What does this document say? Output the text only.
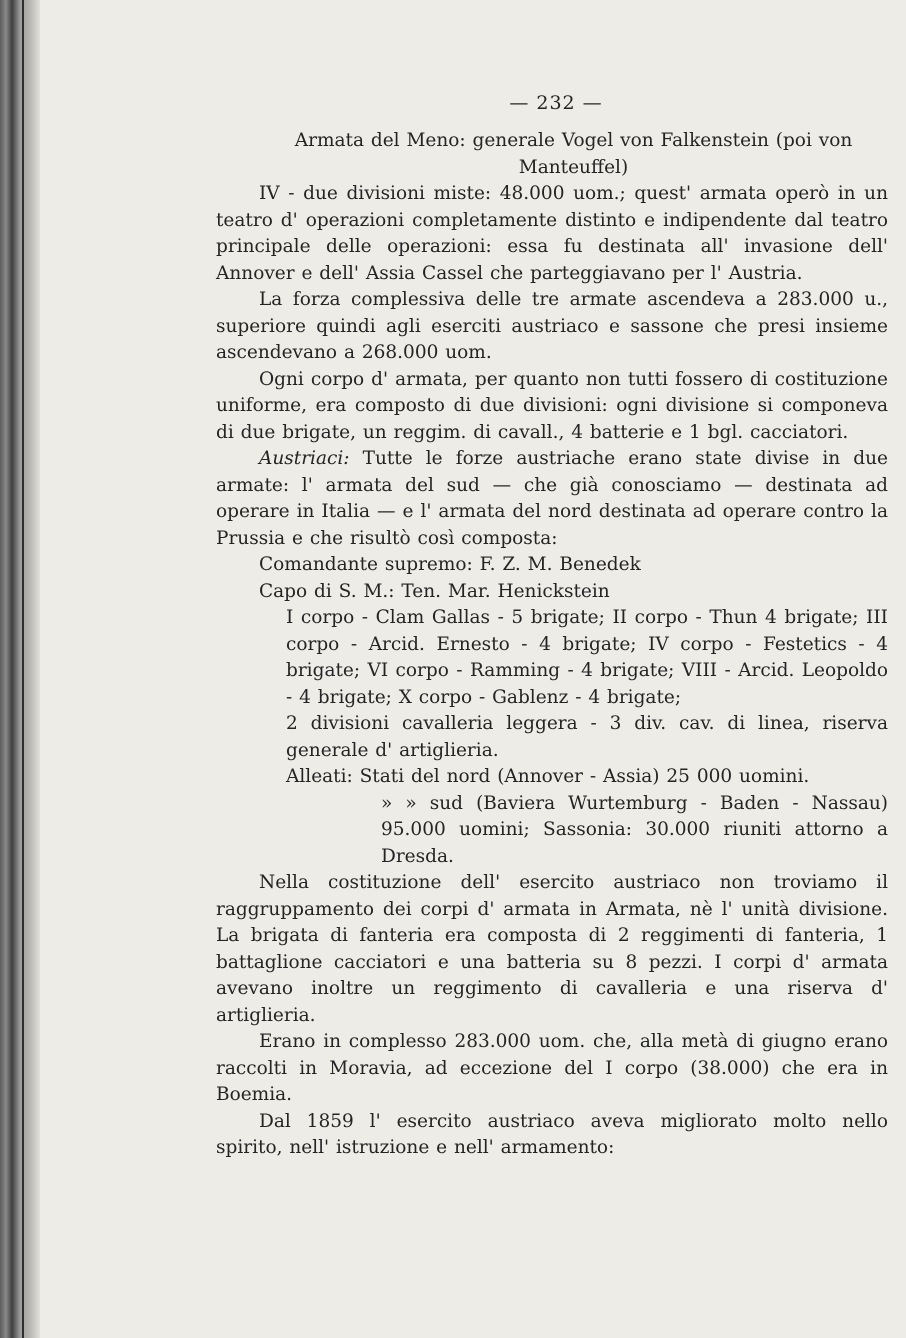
— 232 —

Armata del Meno: generale Vogel von Falkenstein (poi von Manteuffel)

IV - due divisioni miste: 48.000 uom.; quest' armata operò in un teatro d' operazioni completamente distinto e indipendente dal teatro principale delle operazioni: essa fu destinata all' invasione dell' Annover e dell' Assia Cassel che parteggiavano per l' Austria.

La forza complessiva delle tre armate ascendeva a 283.000 u., superiore quindi agli eserciti austriaco e sassone che presi insieme ascendevano a 268.000 uom.

Ogni corpo d' armata, per quanto non tutti fossero di costituzione uniforme, era composto di due divisioni: ogni divisione si componeva di due brigate, un reggim. di cavall., 4 batterie e 1 bgl. cacciatori.

Austriaci: Tutte le forze austriache erano state divise in due armate: l' armata del sud — che già conosciamo — destinata ad operare in Italia — e l' armata del nord destinata ad operare contro la Prussia e che risultò così composta:

Comandante supremo: F. Z. M. Benedek

Capo di S. M.: Ten. Mar. Henickstein

I corpo - Clam Gallas - 5 brigate; II corpo - Thun 4 brigate; III corpo - Arcid. Ernesto - 4 brigate; IV corpo - Festetics - 4 brigate; VI corpo - Ramming - 4 brigate; VIII - Arcid. Leopoldo - 4 brigate; X corpo - Gablenz - 4 brigate;

2 divisioni cavalleria leggera - 3 div. cav. di linea, riserva generale d' artiglieria.

Alleati: Stati del nord (Annover - Assia) 25 000 uomini.

» » sud (Baviera Wurtemburg - Baden - Nassau) 95.000 uomini; Sassonia: 30.000 riuniti attorno a Dresda.

Nella costituzione dell' esercito austriaco non troviamo il raggruppamento dei corpi d' armata in Armata, nè l' unità divisione. La brigata di fanteria era composta di 2 reggimenti di fanteria, 1 battaglione cacciatori e una batteria su 8 pezzi. I corpi d' armata avevano inoltre un reggimento di cavalleria e una riserva d' artiglieria.

Erano in complesso 283.000 uom. che, alla metà di giugno erano raccolti in Moravia, ad eccezione del I corpo (38.000) che era in Boemia.

Dal 1859 l' esercito austriaco aveva migliorato molto nello spirito, nell' istruzione e nell' armamento:
